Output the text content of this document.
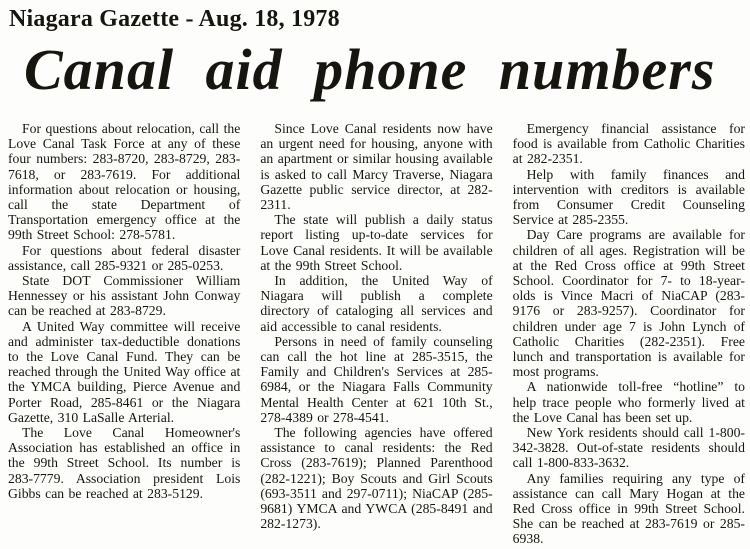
Niagara Gazette - Aug. 18, 1978
Canal aid phone numbers

For questions about relocation, call the Love Canal Task Force at any of these four numbers: 283-8720, 283-8729, 283-7618, or 283-7619. For additional information about relocation or housing, call the state Department of Transportation emergency office at the 99th Street School: 278-5781.

For questions about federal disaster assistance, call 285-9321 or 285-0253.

State DOT Commissioner William Hennessey or his assistant John Conway can be reached at 283-8729.

A United Way committee will receive and administer tax-deductible donations to the Love Canal Fund. They can be reached through the United Way office at the YMCA building, Pierce Avenue and Porter Road, 285-8461 or the Niagara Gazette, 310 LaSalle Arterial.

The Love Canal Homeowner's Association has established an office in the 99th Street School. Its number is 283-7779. Association president Lois Gibbs can be reached at 283-5129.

Since Love Canal residents now have an urgent need for housing, anyone with an apartment or similar housing available is asked to call Marcy Traverse, Niagara Gazette public service director, at 282-2311.

The state will publish a daily status report listing up-to-date services for Love Canal residents. It will be available at the 99th Street School.

In addition, the United Way of Niagara will publish a complete directory of cataloging all services and aid accessible to canal residents.

Persons in need of family counseling can call the hot line at 285-3515, the Family and Children's Services at 285-6984, or the Niagara Falls Community Mental Health Center at 621 10th St., 278-4389 or 278-4541.

The following agencies have offered assistance to canal residents: the Red Cross (283-7619); Planned Parenthood (282-1221); Boy Scouts and Girl Scouts (693-3511 and 297-0711); NiaCAP (285-9681) YMCA and YWCA (285-8491 and 282-1273).

Emergency financial assistance for food is available from Catholic Charities at 282-2351.

Help with family finances and intervention with creditors is available from Consumer Credit Counseling Service at 285-2355.

Day Care programs are available for children of all ages. Registration will be at the Red Cross office at 99th Street School. Coordinator for 7- to 18-year-olds is Vince Macri of NiaCAP (283-9176 or 283-9257). Coordinator for children under age 7 is John Lynch of Catholic Charities (282-2351). Free lunch and transportation is available for most programs.

A nationwide toll-free “hotline” to help trace people who formerly lived at the Love Canal has been set up.

New York residents should call 1-800-342-3828. Out-of-state residents should call 1-800-833-3632.

Any families requiring any type of assistance can call Mary Hogan at the Red Cross office in 99th Street School. She can be reached at 283-7619 or 285-6938.
